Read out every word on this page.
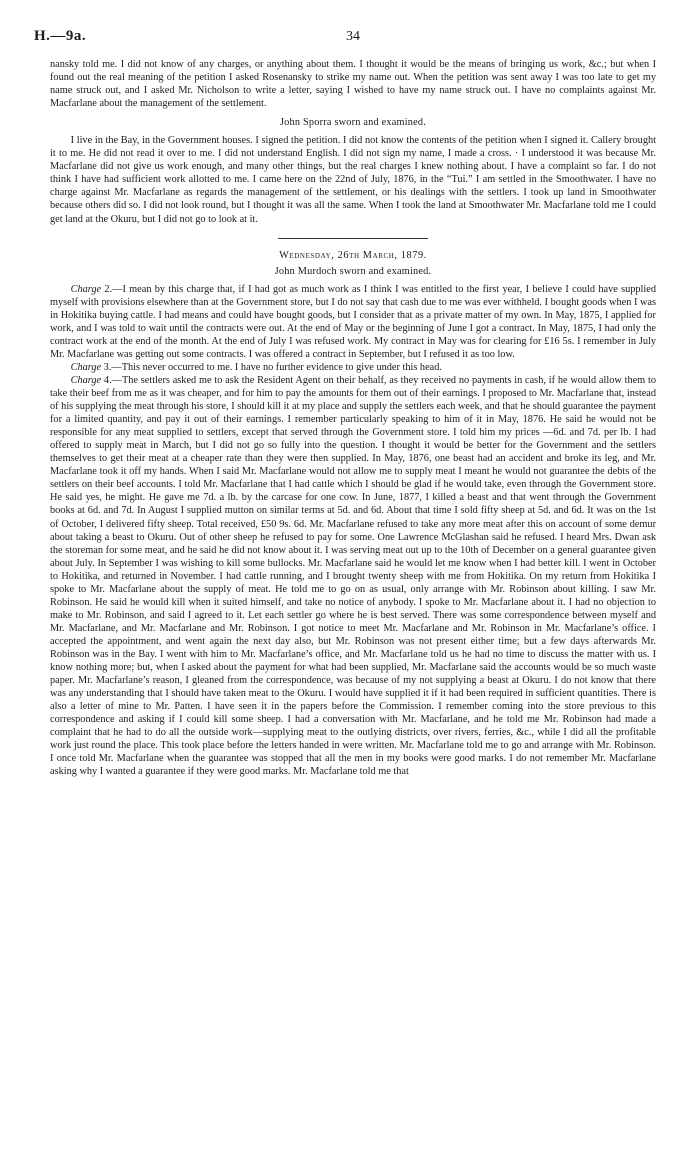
H.—9a.	34

nansky told me. I did not know of any charges, or anything about them. I thought it would be the means of bringing us work, &c.; but when I found out the real meaning of the petition I asked Rosenansky to strike my name out. When the petition was sent away I was too late to get my name struck out, and I asked Mr. Nicholson to write a letter, saying I wished to have my name struck out. I have no complaints against Mr. Macfarlane about the management of the settlement.

John Sporra sworn and examined.

I live in the Bay, in the Government houses. I signed the petition. I did not know the contents of the petition when I signed it. Callery brought it to me. He did not read it over to me. I did not understand English. I did not sign my name, I made a cross. · I understood it was because Mr. Macfarlane did not give us work enough, and many other things, but the real charges I knew nothing about. I have a complaint so far. I do not think I have had sufficient work allotted to me. I came here on the 22nd of July, 1876, in the “Tui.” I am settled in the Smoothwater. I have no charge against Mr. Macfarlane as regards the management of the settlement, or his dealings with the settlers. I took up land in Smoothwater because others did so. I did not look round, but I thought it was all the same. When I took the land at Smoothwater Mr. Macfarlane told me I could get land at the Okuru, but I did not go to look at it.

Wednesday, 26th March, 1879.
John Murdoch sworn and examined.

Charge 2.—I mean by this charge that, if I had got as much work as I think I was entitled to the first year, I believe I could have supplied myself with provisions elsewhere than at the Government store, but I do not say that cash due to me was ever withheld. I bought goods when I was in Hokitika buying cattle. I had means and could have bought goods, but I consider that as a private matter of my own. In May, 1875, I applied for work, and I was told to wait until the contracts were out. At the end of May or the beginning of June I got a contract. In May, 1875, I had only the contract work at the end of the month. At the end of July I was refused work. My contract in May was for clearing for £16 5s. I remember in July Mr. Macfarlane was getting out some contracts. I was offered a contract in September, but I refused it as too low.

Charge 3.—This never occurred to me. I have no further evidence to give under this head.

Charge 4.—The settlers asked me to ask the Resident Agent on their behalf, as they received no payments in cash, if he would allow them to take their beef from me as it was cheaper, and for him to pay the amounts for them out of their earnings. I proposed to Mr. Macfarlane that, instead of his supplying the meat through his store, I should kill it at my place and supply the settlers each week, and that he should guarantee the payment for a limited quantity, and pay it out of their earnings. I remember particularly speaking to him of it in May, 1876. He said he would not be responsible for any meat supplied to settlers, except that served through the Government store. I told him my prices —6d. and 7d. per lb. I had offered to supply meat in March, but I did not go so fully into the question. I thought it would be better for the Government and the settlers themselves to get their meat at a cheaper rate than they were then supplied. In May, 1876, one beast had an accident and broke its leg, and Mr. Macfarlane took it off my hands. When I said Mr. Macfarlane would not allow me to supply meat I meant he would not guarantee the debts of the settlers on their beef accounts. I told Mr. Macfarlane that I had cattle which I should be glad if he would take, even through the Government store. He said yes, he might. He gave me 7d. a lb. by the carcase for one cow. In June, 1877, I killed a beast and that went through the Government books at 6d. and 7d. In August I supplied mutton on similar terms at 5d. and 6d. About that time I sold fifty sheep at 5d. and 6d. It was on the 1st of October, I delivered fifty sheep. Total received, £50 9s. 6d. Mr. Macfarlane refused to take any more meat after this on account of some demur about taking a beast to Okuru. Out of other sheep he refused to pay for some. One Lawrence McGlashan said he refused. I heard Mrs. Dwan ask the storeman for some meat, and he said he did not know about it. I was serving meat out up to the 10th of December on a general guarantee given about July. In September I was wishing to kill some bullocks. Mr. Macfarlane said he would let me know when I had better kill. I went in October to Hokitika, and returned in November. I had cattle running, and I brought twenty sheep with me from Hokitika. On my return from Hokitika I spoke to Mr. Macfarlane about the supply of meat. He told me to go on as usual, only arrange with Mr. Robinson about killing. I saw Mr. Robinson. He said he would kill when it suited himself, and take no notice of anybody. I spoke to Mr. Macfarlane about it. I had no objection to make to Mr. Robinson, and said I agreed to it. Let each settler go where he is best served. There was some correspondence between myself and Mr. Macfarlane, and Mr. Macfarlane and Mr. Robinson. I got notice to meet Mr. Macfarlane and Mr. Robinson in Mr. Macfarlane’s office. I accepted the appointment, and went again the next day also, but Mr. Robinson was not present either time; but a few days afterwards Mr. Robinson was in the Bay. I went with him to Mr. Macfarlane’s office, and Mr. Macfarlane told us he had no time to discuss the matter with us. I know nothing more; but, when I asked about the payment for what had been supplied, Mr. Macfarlane said the accounts would be so much waste paper. Mr. Macfarlane’s reason, I gleaned from the correspondence, was because of my not supplying a beast at Okuru. I do not know that there was any understanding that I should have taken meat to the Okuru. I would have supplied it if it had been required in sufficient quantities. There is also a letter of mine to Mr. Patten. I have seen it in the papers before the Commission. I remember coming into the store previous to this correspondence and asking if I could kill some sheep. I had a conversation with Mr. Macfarlane, and he told me Mr. Robinson had made a complaint that he had to do all the outside work—supplying meat to the outlying districts, over rivers, ferries, &c., while I did all the profitable work just round the place. This took place before the letters handed in were written. Mr. Macfarlane told me to go and arrange with Mr. Robinson. I once told Mr. Macfarlane when the guarantee was stopped that all the men in my books were good marks. I do not remember Mr. Macfarlane asking why I wanted a guarantee if they were good marks. Mr. Macfarlane told me that
